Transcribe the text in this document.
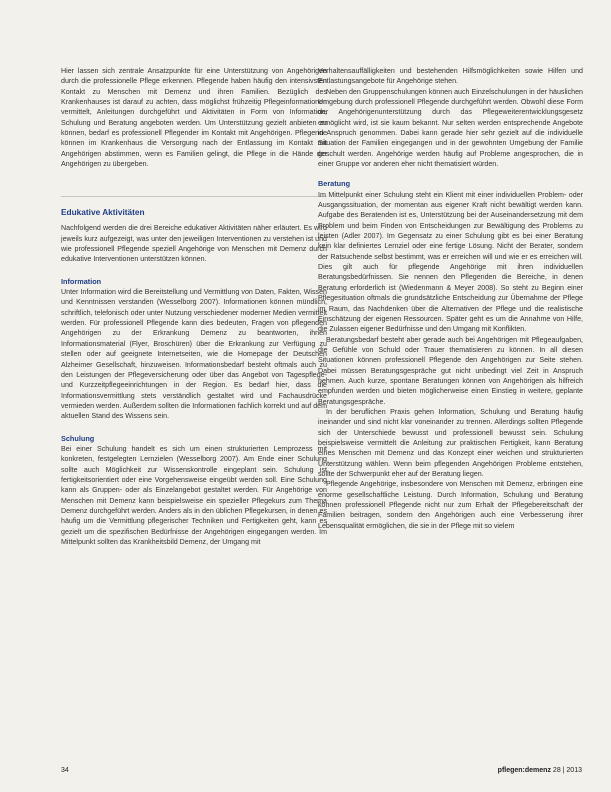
Hier lassen sich zentrale Ansatzpunkte für eine Unterstützung von Angehörigen durch die professionelle Pflege erkennen. Pflegende haben häufig den intensivsten Kontakt zu Menschen mit Demenz und ihren Familien. Bezüglich des Krankenhauses ist darauf zu achten, dass möglichst frühzeitig Pflegeinformationen vermittelt, Anleitungen durchgeführt und Aktivitäten in Form von Information, Schulung und Beratung angeboten werden. Um Unterstützung gezielt anbieten zu können, bedarf es professionell Pflegender im Kontakt mit Angehörigen. Pflegende können im Krankenhaus die Versorgung nach der Entlassung im Kontakt mit Angehörigen abstimmen, wenn es Familien gelingt, die Pflege in die Hände der Angehörigen zu übergeben.

Edukative Aktivitäten

Nachfolgend werden die drei Bereiche edukativer Aktivitäten näher erläutert. Es wird jeweils kurz aufgezeigt, was unter den jeweiligen Interventionen zu verstehen ist und wie professionell Pflegende speziell Angehörige von Menschen mit Demenz durch edukative Interventionen unterstützen können.

Information

Unter Information wird die Bereitstellung und Vermittlung von Daten, Fakten, Wissen und Kenntnissen verstanden (Wesselborg 2007). Informationen können mündlich, schriftlich, telefonisch oder unter Nutzung verschiedener moderner Medien vermittelt werden. Für professionell Pflegende kann dies bedeuten, Fragen von pflegenden Angehörigen zu der Erkrankung Demenz zu beantworten, ihnen Informationsmaterial (Flyer, Broschüren) über die Erkrankung zur Verfügung zu stellen oder auf geeignete Internetseiten, wie die Homepage der Deutschen Alzheimer Gesellschaft, hinzuweisen. Informationsbedarf besteht oftmals auch zu den Leistungen der Pflegeversicherung oder über das Angebot von Tagespflege- und Kurzzeitpflegeeinrichtungen in der Region. Es bedarf hier, dass die Informationsvermittlung stets verständlich gestaltet wird und Fachausdrücke vermieden werden. Außerdem sollten die Informationen fachlich korrekt und auf dem aktuellen Stand des Wissens sein.

Schulung

Bei einer Schulung handelt es sich um einen strukturierten Lernprozess mit konkreten, festgelegten Lernzielen (Wesselborg 2007). Am Ende einer Schulung sollte auch Möglichkeit zur Wissenskontrolle eingeplant sein. Schulung ist fertigkeitsorientiert oder eine Vorgehensweise eingeübt werden soll. Eine Schulung kann als Gruppen- oder als Einzelangebot gestaltet werden. Für Angehörige von Menschen mit Demenz kann beispielsweise ein spezieller Pflegekurs zum Thema Demenz durchgeführt werden. Anders als in den üblichen Pflegekursen, in denen es häufig um die Vermittlung pflegerischer Techniken und Fertigkeiten geht, kann es gezielt um die spezifischen Bedürfnisse der Angehörigen eingegangen werden. Im Mittelpunkt sollten das Krankheitsbild Demenz, der Umgang mit

Verhaltensauffälligkeiten und bestehenden Hilfsmöglichkeiten sowie Hilfen und Entlastungsangebote für Angehörige stehen.

Neben den Gruppenschulungen können auch Einzelschulungen in der häuslichen Umgebung durch professionell Pflegende durchgeführt werden. Obwohl diese Form der Angehörigenunterstützung durch das Pflegeweiterentwicklungsgesetz ermöglicht wird, ist sie kaum bekannt. Nur selten werden entsprechende Angebote in Anspruch genommen. Dabei kann gerade hier sehr gezielt auf die individuelle Situation der Familien eingegangen und in der gewohnten Umgebung der Familie geschult werden. Angehörige werden häufig auf Probleme angesprochen, die in einer Gruppe vor anderen eher nicht thematisiert würden.

Beratung

Im Mittelpunkt einer Schulung steht ein Klient mit einer individuellen Problem- oder Ausgangssituation, der momentan aus eigener Kraft nicht bewältigt werden kann. Aufgabe des Beratenden ist es, Unterstützung bei der Auseinandersetzung mit dem Problem und beim Finden von Entscheidungen zur Bewältigung des Problems zu leisten (Adler 2007). Im Gegensatz zu einer Schulung gibt es bei einer Beratung kein klar definiertes Lernziel oder eine fertige Lösung. Nicht der Berater, sondern der Ratsuchende selbst bestimmt, was er erreichen will und wie er es erreichen will. Dies gilt auch für pflegende Angehörige mit ihren individuellen Beratungsbedürfnissen. Sie nennen den Pflegenden die Bereiche, in denen Beratung erforderlich ist (Wiedenmann & Meyer 2008). So steht zu Beginn einer Pflegesituation oftmals die grundsätzliche Entscheidung zur Übernahme der Pflege im Raum, das Nachdenken über die Alternativen der Pflege und die realistische Einschätzung der eigenen Ressourcen. Später geht es um die Annahme von Hilfe, die Zulassen eigener Bedürfnisse und den Umgang mit Konflikten.

Beratungsbedarf besteht aber gerade auch bei Angehörigen mit Pflegeaufgaben, die Gefühle von Schuld oder Trauer thematisieren zu können. In all diesen Situationen können professionell Pflegende den Angehörigen zur Seite stehen. Dabei müssen Beratungsgespräche gut nicht unbedingt viel Zeit in Anspruch nehmen. Auch kurze, spontane Beratungen können von Angehörigen als hilfreich empfunden werden und bieten möglicherweise einen Einstieg in weitere, geplante Beratungsgespräche.

In der beruflichen Praxis gehen Information, Schulung und Beratung häufig ineinander und sind nicht klar voneinander zu trennen. Allerdings sollten Pflegende sich der Unterschiede bewusst und professionell bewusst sein. Schulung beispielsweise vermittelt die Anleitung zur praktischen Fertigkeit, kann Beratung eines Menschen mit Demenz und das Konzept einer weichen und strukturierten Unterstützung wählen. Wenn beim pflegenden Angehörigen Probleme entstehen, sollte der Schwerpunkt eher auf der Beratung liegen.

Pflegende Angehörige, insbesondere von Menschen mit Demenz, erbringen eine enorme gesellschaftliche Leistung. Durch Information, Schulung und Beratung können professionell Pflegende nicht nur zum Erhalt der Pflegebereitschaft der Familien beitragen, sondern den Angehörigen auch eine Verbesserung ihrer Lebensqualität ermöglichen, die sie in der Pflege mit so vielem

34	pflegen:demenz 28 | 2013
